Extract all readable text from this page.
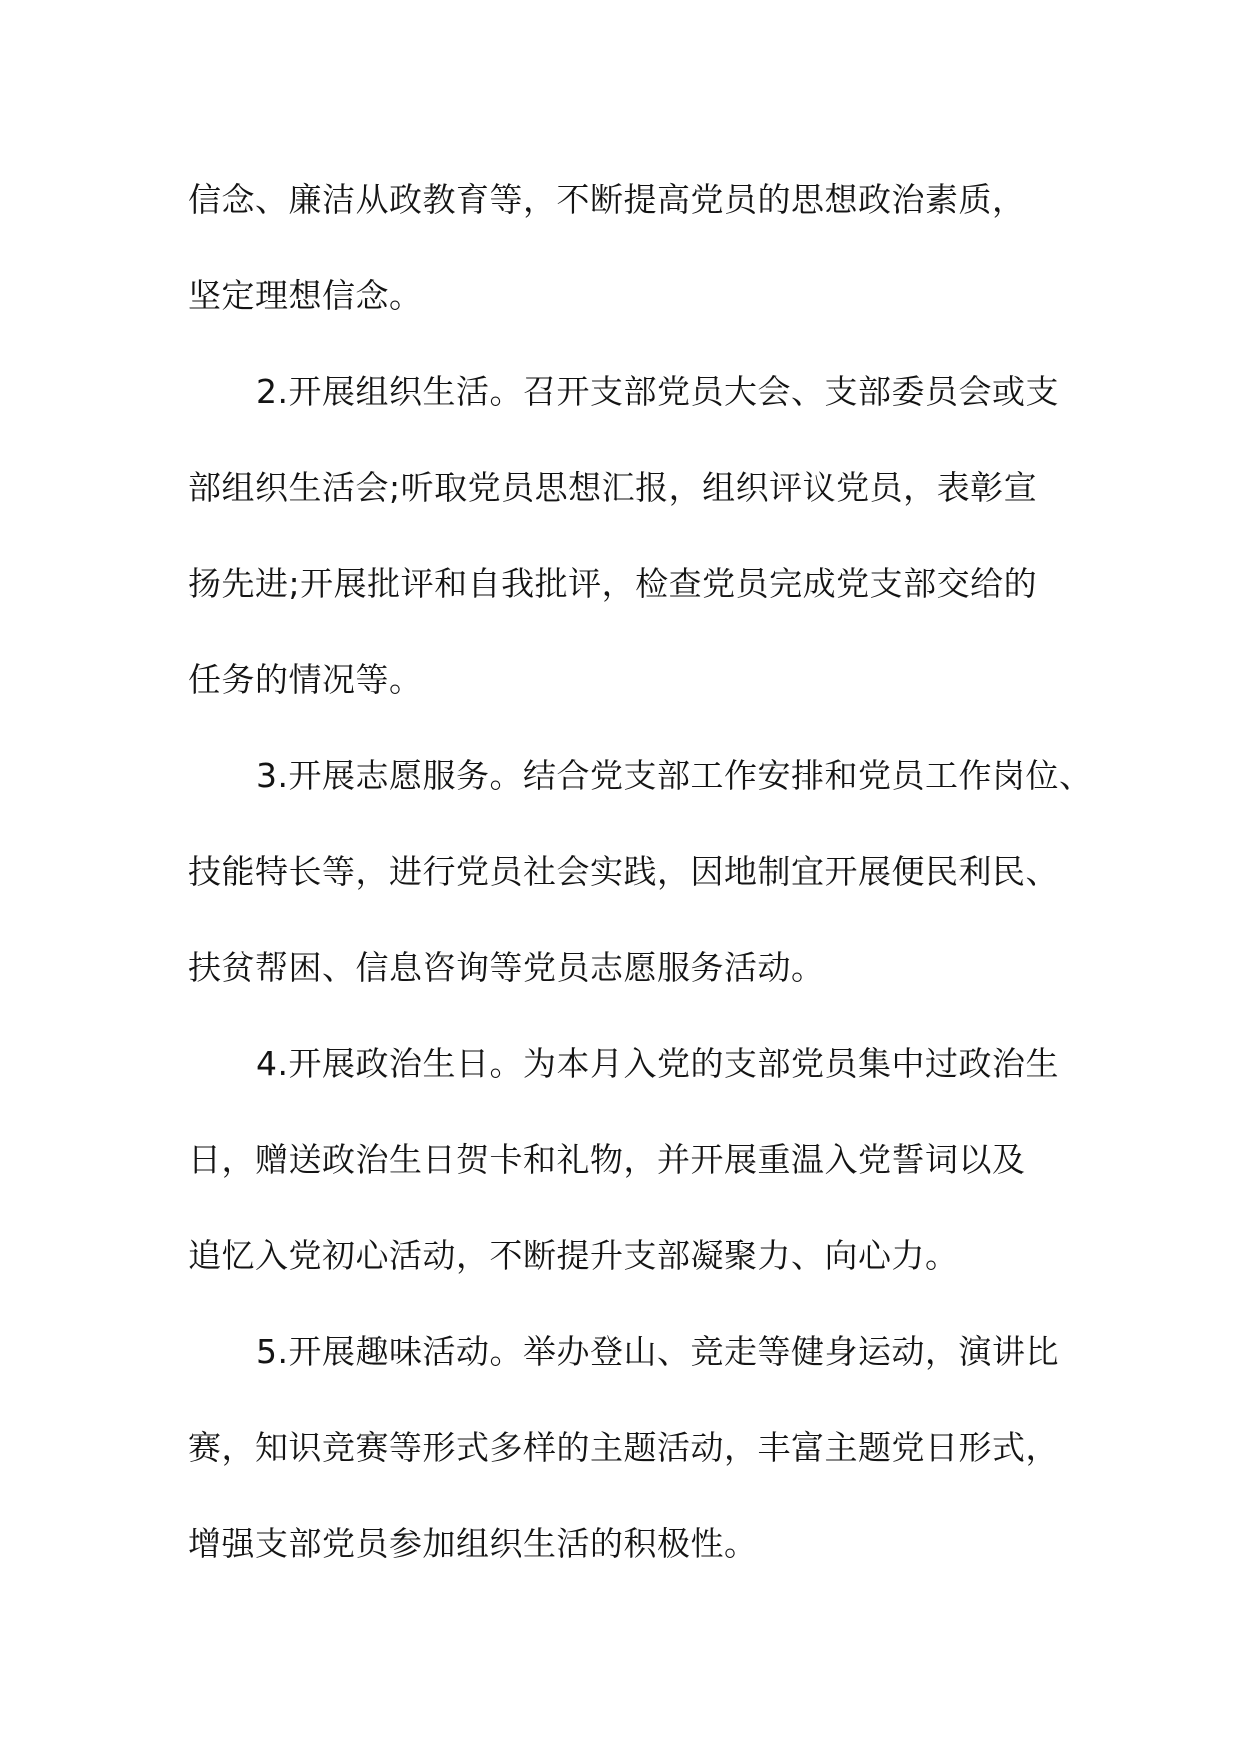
信念、廉洁从政教育等，不断提高党员的思想政治素质，
坚定理想信念。
2.开展组织生活。召开支部党员大会、支部委员会或支
部组织生活会;听取党员思想汇报，组织评议党员，表彰宣
扬先进;开展批评和自我批评，检查党员完成党支部交给的
任务的情况等。
3.开展志愿服务。结合党支部工作安排和党员工作岗位、
技能特长等，进行党员社会实践，因地制宜开展便民利民、
扶贫帮困、信息咨询等党员志愿服务活动。
4.开展政治生日。为本月入党的支部党员集中过政治生
日，赠送政治生日贺卡和礼物，并开展重温入党誓词以及
追忆入党初心活动，不断提升支部凝聚力、向心力。
5.开展趣味活动。举办登山、竞走等健身运动，演讲比
赛，知识竞赛等形式多样的主题活动，丰富主题党日形式，
增强支部党员参加组织生活的积极性。
